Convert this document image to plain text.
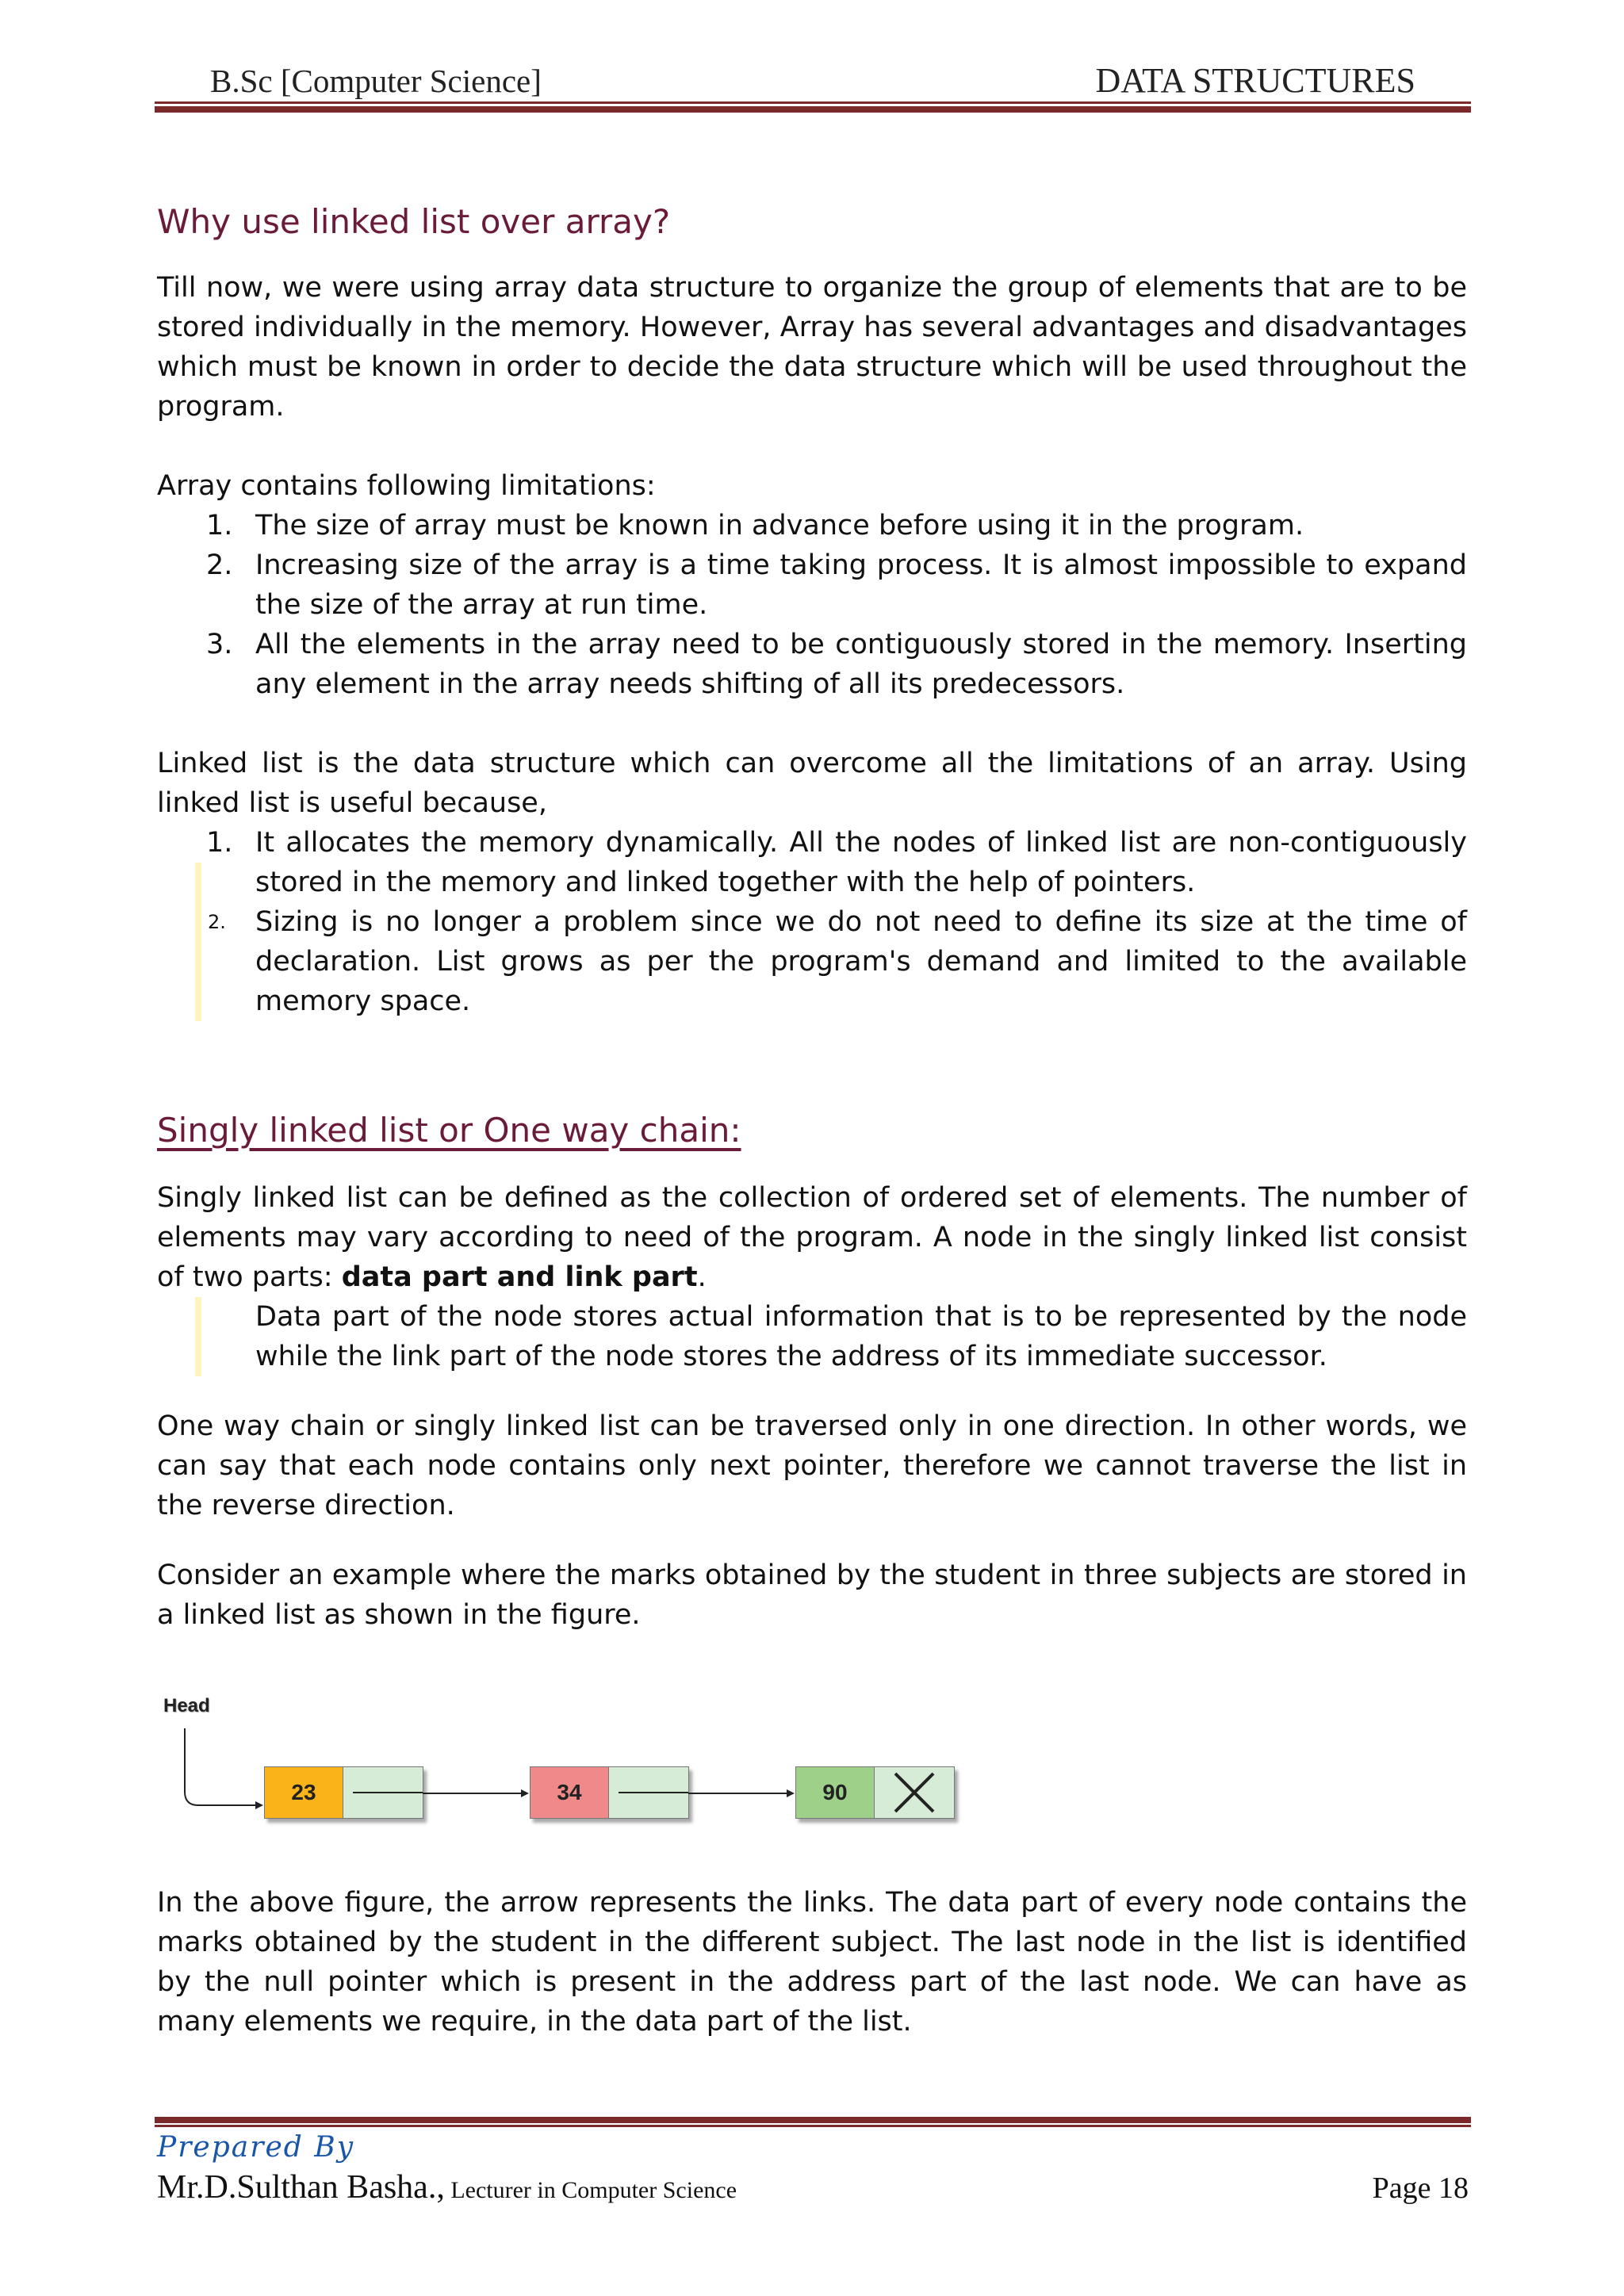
B.Sc [Computer Science]	DATA STRUCTURES
Why use linked list over array?

Till now, we were using array data structure to organize the group of elements that are to be stored individually in the memory. However, Array has several advantages and disadvantages which must be known in order to decide the data structure which will be used throughout the program.

Array contains following limitations:

1. The size of array must be known in advance before using it in the program.
2. Increasing size of the array is a time taking process. It is almost impossible to expand the size of the array at run time.
3. All the elements in the array need to be contiguously stored in the memory. Inserting any element in the array needs shifting of all its predecessors.

Linked list is the data structure which can overcome all the limitations of an array. Using linked list is useful because,

1. It allocates the memory dynamically. All the nodes of linked list are non-contiguously stored in the memory and linked together with the help of pointers.
2. Sizing is no longer a problem since we do not need to define its size at the time of declaration. List grows as per the program's demand and limited to the available memory space.
Singly linked list or One way chain:

Singly linked list can be defined as the collection of ordered set of elements. The number of elements may vary according to need of the program. A node in the singly linked list consist of two parts: data part and link part.

Data part of the node stores actual information that is to be represented by the node while the link part of the node stores the address of its immediate successor.

One way chain or singly linked list can be traversed only in one direction. In other words, we can say that each node contains only next pointer, therefore we cannot traverse the list in the reverse direction.

Consider an example where the marks obtained by the student in three subjects are stored in a linked list as shown in the figure.

Head
23	34	90

In the above figure, the arrow represents the links. The data part of every node contains the marks obtained by the student in the different subject. The last node in the list is identified by the null pointer which is present in the address part of the last node. We can have as many elements we require, in the data part of the list.

Prepared By
Mr.D.Sulthan Basha., Lecturer in Computer Science	Page 18
